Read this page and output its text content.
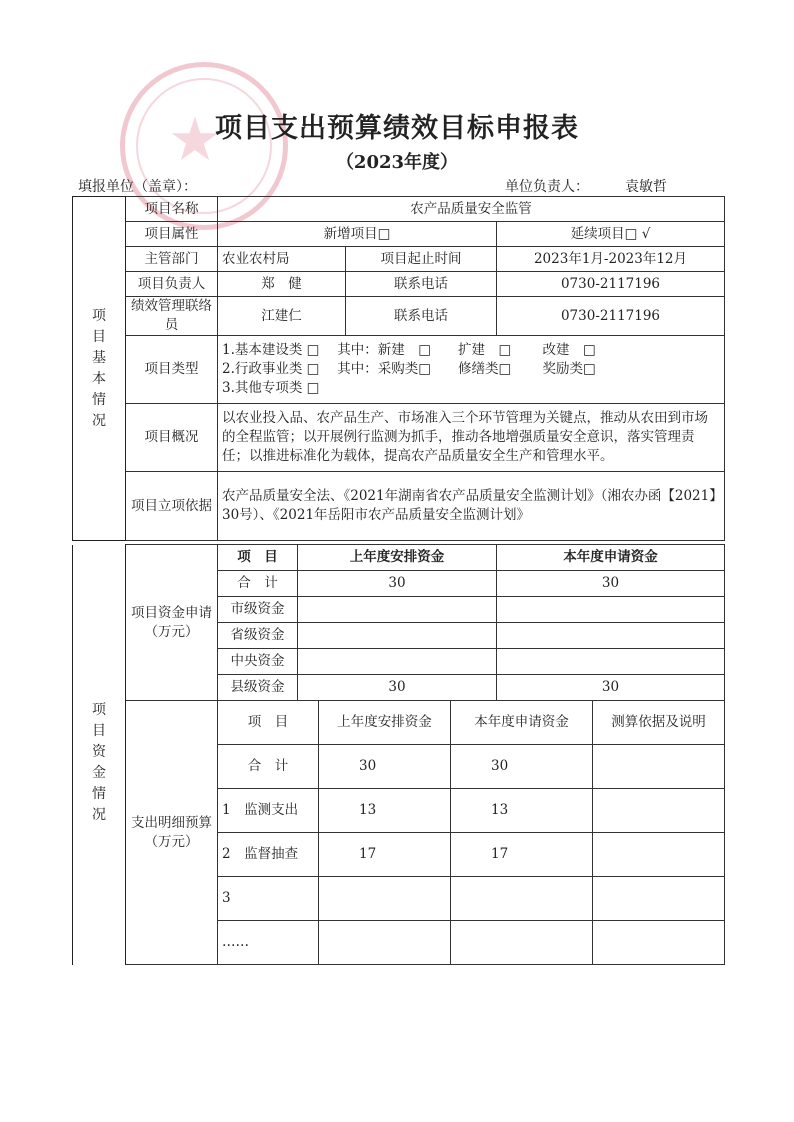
★
项目支出预算绩效目标申报表
（2023年度）
填报单位（盖章）：	单位负责人：	袁敏哲
项目基本情况	项目名称	农产品质量安全监管		
	项目属性	新增项目□		延续项目□ √
	主管部门	农业农村局	项目起止时间	2023年1月-2023年12月
	项目负责人	郑　健	联系电话	0730-2117196
	绩效管理联络员	江建仁	联系电话	0730-2117196
	项目类型	1.基本建设类 □　 其中：新建　□　　扩建　□　　 改建　□
2.行政事业类 □　 其中：采购类□　　修缮类□　　 奖励类□
3.其他专项类 □		

	项目概况	以农业投入品、农产品生产、市场准入三个环节管理为关键点，推动从农田到市场的全程监管；以开展例行监测为抓手，推动各地增强质量安全意识，落实管理责任；以推进标准化为载体，提高农产品质量安全生产和管理水平。		
	项目立项依据	农产品质量安全法、《2021年湖南省农产品质量安全监测计划》（湘农办函【2021】30号）、《2021年岳阳市农产品质量安全监测计划》		
	项目资金申请（万元）	项　目	上年度安排资金	本年度申请资金
		合　计	30	30
		市级资金		
		省级资金		
		中央资金		
		县级资金	30	30
项目资金情况	支出明细预算（万元）	项　目	上年度安排资金	本年度申请资金	测算依据及说明
		合　计	30	30	
		1　监测支出	13	13	
		2　监督抽查	17	17	
		3			
		……			
